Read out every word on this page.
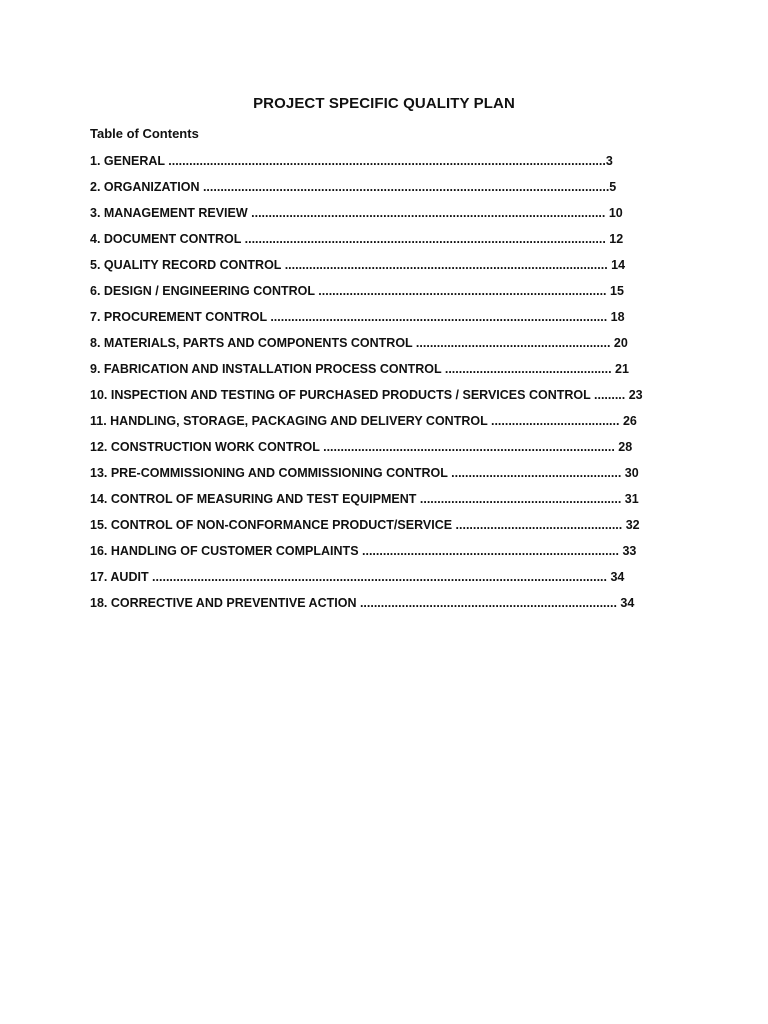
PROJECT SPECIFIC QUALITY PLAN
Table of Contents
1. GENERAL ..............................................................................................................................3
2. ORGANIZATION .....................................................................................................................5
3. MANAGEMENT REVIEW ...................................................................................................... 10
4. DOCUMENT CONTROL ........................................................................................................ 12
5. QUALITY RECORD CONTROL ............................................................................................. 14
6. DESIGN / ENGINEERING CONTROL ................................................................................... 15
7. PROCUREMENT CONTROL ................................................................................................. 18
8. MATERIALS, PARTS AND COMPONENTS CONTROL ........................................................ 20
9. FABRICATION AND INSTALLATION PROCESS CONTROL ................................................ 21
10. INSPECTION AND TESTING OF PURCHASED PRODUCTS / SERVICES CONTROL ......... 23
11. HANDLING, STORAGE, PACKAGING AND DELIVERY CONTROL ..................................... 26
12. CONSTRUCTION WORK CONTROL .................................................................................... 28
13. PRE-COMMISSIONING AND COMMISSIONING CONTROL ................................................. 30
14. CONTROL OF MEASURING AND TEST EQUIPMENT .......................................................... 31
15. CONTROL OF NON-CONFORMANCE PRODUCT/SERVICE ................................................ 32
16. HANDLING OF CUSTOMER COMPLAINTS .......................................................................... 33
17. AUDIT ................................................................................................................................... 34
18. CORRECTIVE AND PREVENTIVE ACTION .......................................................................... 34
